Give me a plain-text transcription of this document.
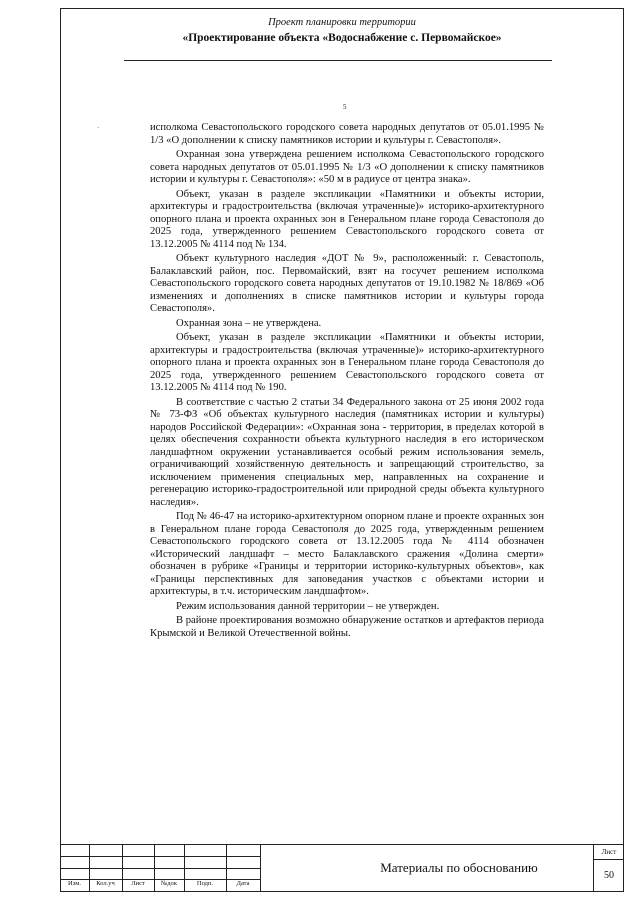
Проект планировки территории
«Проектирование объекта «Водоснабжение с. Первомайское»
5
·	исполкома Севастопольского городского совета народных депутатов от 05.01.1995 № 1/3 «О дополнении к списку памятников истории и культуры г. Севастополя».

Охранная зона утверждена решением исполкома Севастопольского городского совета народных депутатов от 05.01.1995 № 1/3 «О дополнении к списку памятников истории и культуры г. Севастополя»: «50 м в радиусе от центра знака».

Объект, указан в разделе экспликации «Памятники и объекты истории, архитектуры и градостроительства (включая утраченные)» историко-архитектурного опорного плана и проекта охранных зон в Генеральном плане города Севастополя до 2025 года, утвержденного решением Севастопольского городского совета от 13.12.2005 № 4114 под № 134.

Объект культурного наследия «ДОТ № 9», расположенный: г. Севастополь, Балаклавский район, пос. Первомайский, взят на госучет решением исполкома Севастопольского городского совета народных депутатов от 19.10.1982 № 18/869 «Об изменениях и дополнениях в списке памятников истории и культуры города Севастополя».

Охранная зона – не утверждена.

Объект, указан в разделе экспликации «Памятники и объекты истории, архитектуры и градостроительства (включая утраченные)» историко-архитектурного опорного плана и проекта охранных зон в Генеральном плане города Севастополя до 2025 года, утвержденного решением Севастопольского городского совета от 13.12.2005 № 4114 под № 190.

В соответствие с частью 2 статьи 34 Федерального закона от 25 июня 2002 года № 73-ФЗ «Об объектах культурного наследия (памятниках истории и культуры) народов Российской Федерации»: «Охранная зона - территория, в пределах которой в целях обеспечения сохранности объекта культурного наследия в его историческом ландшафтном окружении устанавливается особый режим использования земель, ограничивающий хозяйственную деятельность и запрещающий строительство, за исключением применения специальных мер, направленных на сохранение и регенерацию историко-градостроительной или природной среды объекта культурного наследия».

Под № 46-47 на историко-архитектурном опорном плане и проекте охранных зон в Генеральном плане города Севастополя до 2025 года, утвержденным решением Севастопольского городского совета от 13.12.2005 года № 4114 обозначен «Исторический ландшафт – место Балаклавского сражения «Долина смерти» обозначен в рубрике «Границы и территории историко-культурных объектов», как «Границы перспективных для заповедания участков с объектами истории и архитектуры, в т.ч. историческим ландшафтом».

Режим использования данной территории – не утвержден.

В районе проектирования возможно обнаружение остатков и артефактов периода Крымской и Великой Отечественной войны.

Изм.	Кол.уч	Лист	№док	Подп.	Дата
Материалы по обоснованию
Лист
50
